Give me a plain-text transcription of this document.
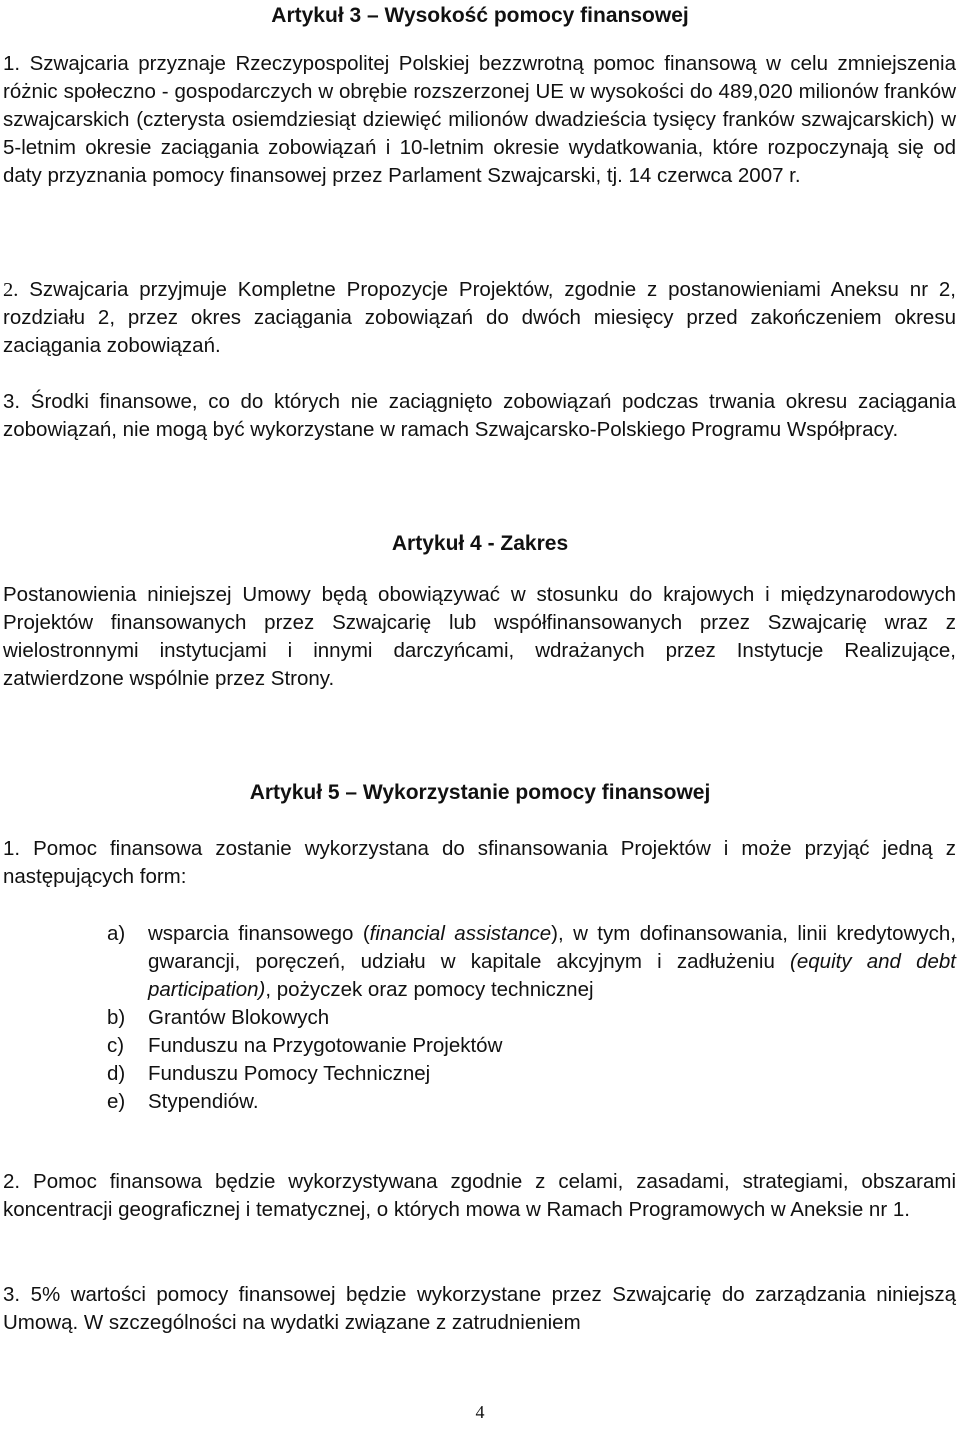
Artykuł 3 – Wysokość pomocy finansowej

1. Szwajcaria przyznaje Rzeczypospolitej Polskiej bezzwrotną pomoc finansową w celu zmniejszenia różnic społeczno - gospodarczych w obrębie rozszerzonej UE w wysokości do 489,020 milionów franków szwajcarskich (czterysta osiemdziesiąt dziewięć milionów dwadzieścia tysięcy franków szwajcarskich) w 5-letnim okresie zaciągania zobowiązań i 10-letnim okresie wydatkowania, które rozpoczynają się od daty przyznania pomocy finansowej przez Parlament Szwajcarski, tj. 14 czerwca 2007 r.

2. Szwajcaria przyjmuje Kompletne Propozycje Projektów, zgodnie z postanowieniami Aneksu nr 2, rozdziału 2, przez okres zaciągania zobowiązań do dwóch miesięcy przed zakończeniem okresu zaciągania zobowiązań.

3. Środki finansowe, co do których nie zaciągnięto zobowiązań podczas trwania okresu zaciągania zobowiązań, nie mogą być wykorzystane w ramach Szwajcarsko-Polskiego Programu Współpracy.

Artykuł 4 - Zakres

Postanowienia niniejszej Umowy będą obowiązywać w stosunku do krajowych i międzynarodowych Projektów finansowanych przez Szwajcarię lub współfinansowanych przez Szwajcarię wraz z wielostronnymi instytucjami i innymi darczyńcami, wdrażanych przez Instytucje Realizujące, zatwierdzone wspólnie przez Strony.

Artykuł 5 – Wykorzystanie pomocy finansowej

1. Pomoc finansowa zostanie wykorzystana do sfinansowania Projektów i może przyjąć jedną z następujących form:

a) wsparcia finansowego (financial assistance), w tym dofinansowania, linii kredytowych, gwarancji, poręczeń, udziału w kapitale akcyjnym i zadłużeniu (equity and debt participation), pożyczek oraz pomocy technicznej
b) Grantów Blokowych
c) Funduszu na Przygotowanie Projektów
d) Funduszu Pomocy Technicznej
e) Stypendiów.

2. Pomoc finansowa będzie wykorzystywana zgodnie z celami, zasadami, strategiami, obszarami koncentracji geograficznej i tematycznej, o których mowa w Ramach Programowych w Aneksie nr 1.

3. 5% wartości pomocy finansowej będzie wykorzystane przez Szwajcarię do zarządzania niniejszą Umową. W szczególności na wydatki związane z zatrudnieniem

4
